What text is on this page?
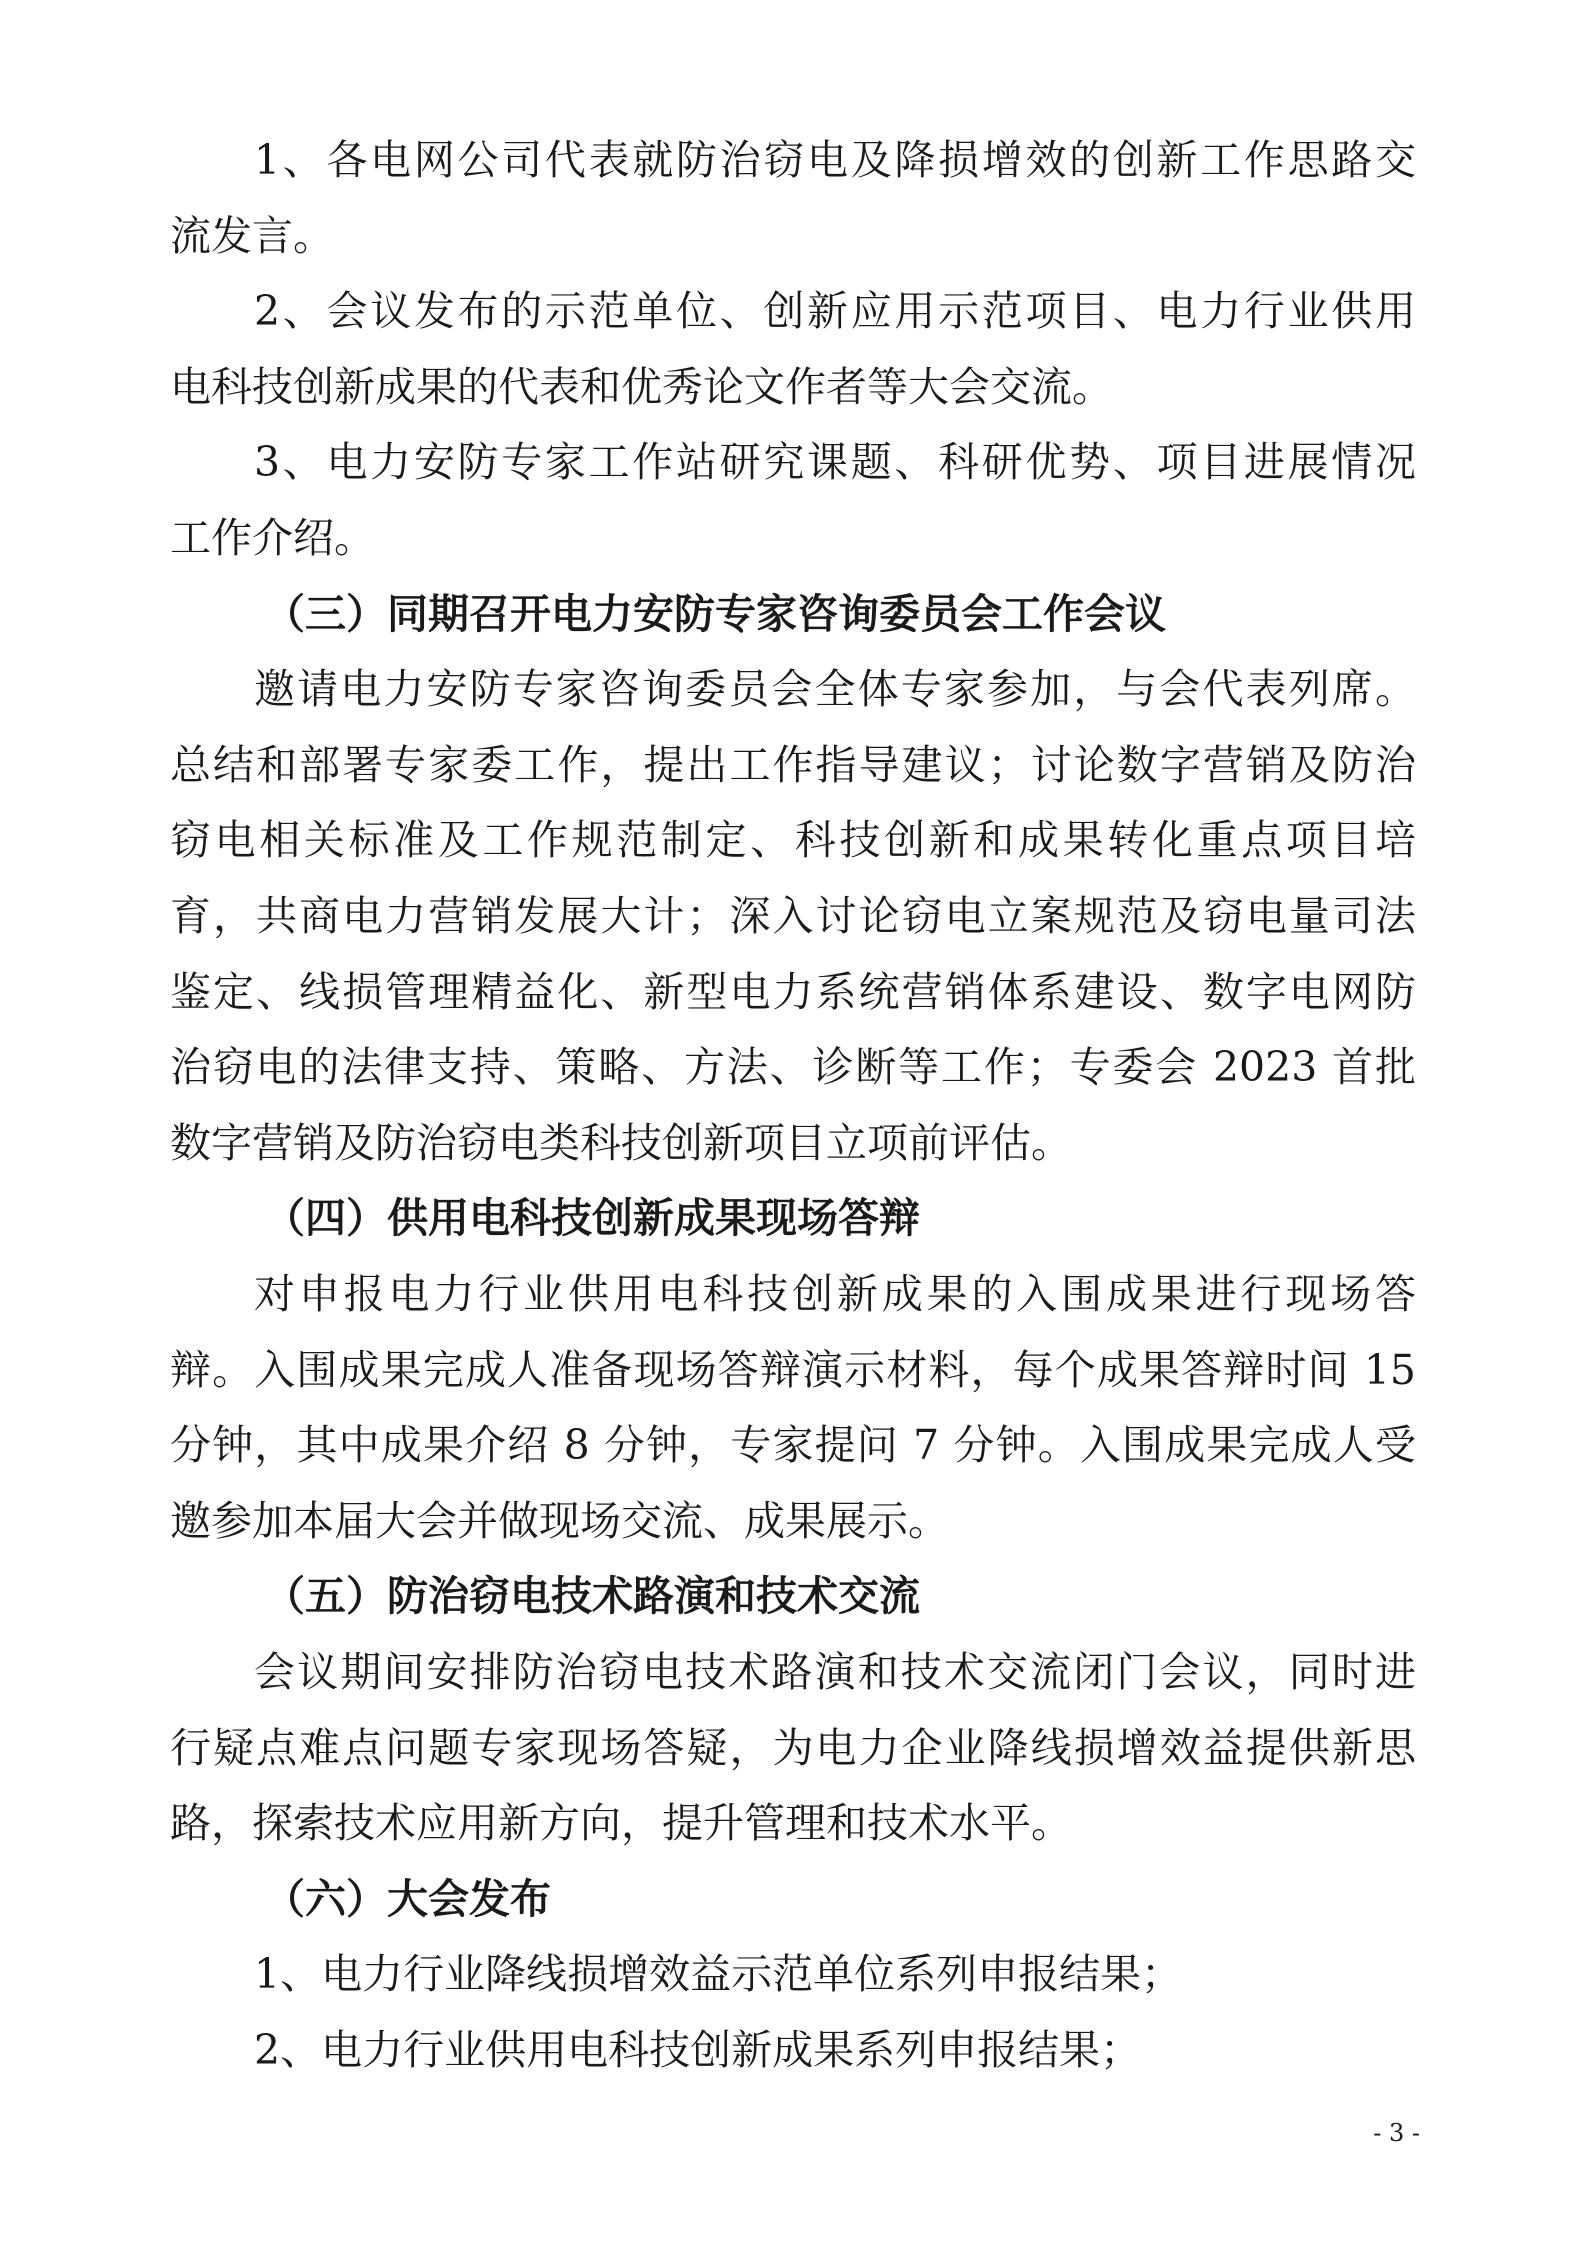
1、各电网公司代表就防治窃电及降损增效的创新工作思路交
流发言。
2、会议发布的示范单位、创新应用示范项目、电力行业供用
电科技创新成果的代表和优秀论文作者等大会交流。
3、电力安防专家工作站研究课题、科研优势、项目进展情况
工作介绍。
（三）同期召开电力安防专家咨询委员会工作会议
邀请电力安防专家咨询委员会全体专家参加，与会代表列席。
总结和部署专家委工作，提出工作指导建议；讨论数字营销及防治
窃电相关标准及工作规范制定、科技创新和成果转化重点项目培
育，共商电力营销发展大计；深入讨论窃电立案规范及窃电量司法
鉴定、线损管理精益化、新型电力系统营销体系建设、数字电网防
治窃电的法律支持、策略、方法、诊断等工作；专委会 2023 首批
数字营销及防治窃电类科技创新项目立项前评估。
（四）供用电科技创新成果现场答辩
对申报电力行业供用电科技创新成果的入围成果进行现场答
辩。入围成果完成人准备现场答辩演示材料，每个成果答辩时间 15
分钟，其中成果介绍 8 分钟，专家提问 7 分钟。入围成果完成人受
邀参加本届大会并做现场交流、成果展示。
（五）防治窃电技术路演和技术交流
会议期间安排防治窃电技术路演和技术交流闭门会议，同时进
行疑点难点问题专家现场答疑，为电力企业降线损增效益提供新思
路，探索技术应用新方向，提升管理和技术水平。
（六）大会发布
1、电力行业降线损增效益示范单位系列申报结果；
2、电力行业供用电科技创新成果系列申报结果；
- 3 -
